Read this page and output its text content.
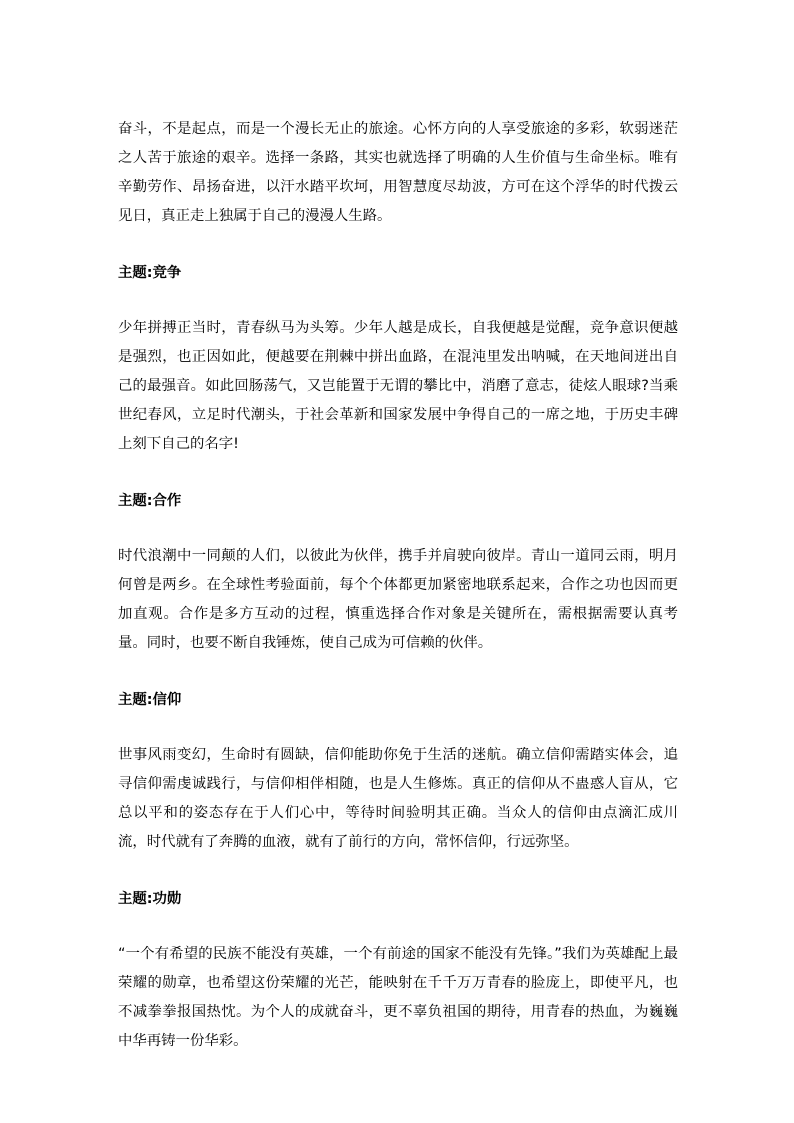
奋斗，不是起点，而是一个漫长无止的旅途。心怀方向的人享受旅途的多彩，软弱迷茫之人苦于旅途的艰辛。选择一条路，其实也就选择了明确的人生价值与生命坐标。唯有辛勤劳作、昂扬奋进，以汗水踏平坎坷，用智慧度尽劫波，方可在这个浮华的时代拨云见日，真正走上独属于自己的漫漫人生路。

主题:竞争

少年拼搏正当时，青春纵马为头筹。少年人越是成长，自我便越是觉醒，竞争意识便越是强烈，也正因如此，便越要在荆棘中拼出血路，在混沌里发出呐喊，在天地间迸出自己的最强音。如此回肠荡气，又岂能置于无谓的攀比中，消磨了意志，徒炫人眼球?当乘世纪春风，立足时代潮头，于社会革新和国家发展中争得自己的一席之地，于历史丰碑上刻下自己的名字!

主题:合作

时代浪潮中一同颠的人们，以彼此为伙伴，携手并肩驶向彼岸。青山一道同云雨，明月何曾是两乡。在全球性考验面前，每个个体都更加紧密地联系起来，合作之功也因而更加直观。合作是多方互动的过程，慎重选择合作对象是关键所在，需根据需要认真考量。同时，也要不断自我锤炼，使自己成为可信赖的伙伴。

主题:信仰

世事风雨变幻，生命时有圆缺，信仰能助你免于生活的迷航。确立信仰需踏实体会，追寻信仰需虔诚践行，与信仰相伴相随，也是人生修炼。真正的信仰从不蛊惑人盲从，它总以平和的姿态存在于人们心中，等待时间验明其正确。当众人的信仰由点滴汇成川流，时代就有了奔腾的血液，就有了前行的方向，常怀信仰，行远弥坚。

主题:功勋

“一个有希望的民族不能没有英雄，一个有前途的国家不能没有先锋。”我们为英雄配上最荣耀的勋章，也希望这份荣耀的光芒，能映射在千千万万青春的脸庞上，即使平凡，也不减拳拳报国热忱。为个人的成就奋斗，更不辜负祖国的期待，用青春的热血，为巍巍中华再铸一份华彩。
